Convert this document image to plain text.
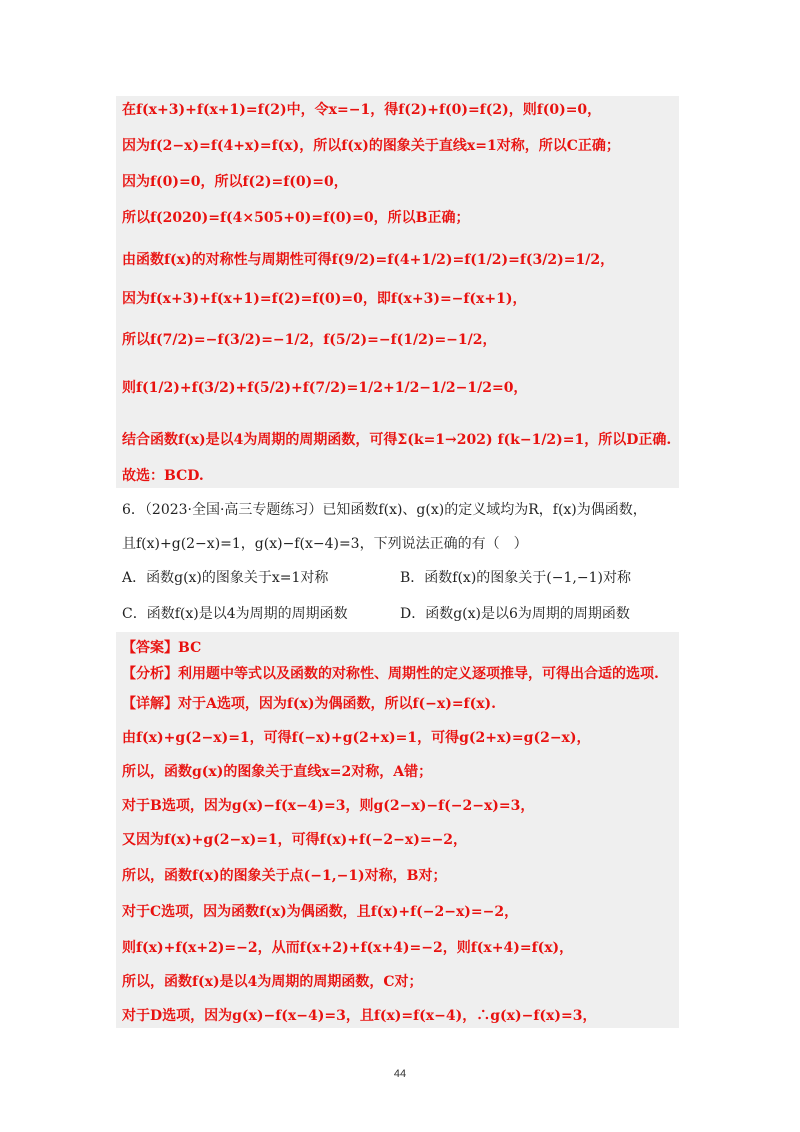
在f(x+3)+f(x+1)=f(2)中，令x=−1，得f(2)+f(0)=f(2)，则f(0)=0，
因为f(2−x)=f(4+x)=f(x)，所以f(x)的图象关于直线x=1对称，所以C正确；
因为f(0)=0，所以f(2)=f(0)=0，
所以f(2020)=f(4×505+0)=f(0)=0，所以B正确；
由函数f(x)的对称性与周期性可得f(9/2)=f(4+1/2)=f(1/2)=f(3/2)=1/2，
因为f(x+3)+f(x+1)=f(2)=f(0)=0，即f(x+3)=−f(x+1)，
所以f(7/2)=−f(3/2)=−1/2，f(5/2)=−f(1/2)=−1/2，
则f(1/2)+f(3/2)+f(5/2)+f(7/2)=1/2+1/2−1/2−1/2=0，
结合函数f(x)是以4为周期的周期函数，可得Σ(k=1→202) f(k−1/2)=1，所以D正确.
故选：BCD.
6．（2023·全国·高三专题练习）已知函数f(x)、g(x)的定义域均为R，f(x)为偶函数，
且f(x)+g(2−x)=1，g(x)−f(x−4)=3，下列说法正确的有（　）
A．函数g(x)的图象关于x=1对称	B．函数f(x)的图象关于(−1,−1)对称
C．函数f(x)是以4为周期的周期函数	D．函数g(x)是以6为周期的周期函数
【答案】BC
【分析】利用题中等式以及函数的对称性、周期性的定义逐项推导，可得出合适的选项.
【详解】对于A选项，因为f(x)为偶函数，所以f(−x)=f(x).
由f(x)+g(2−x)=1，可得f(−x)+g(2+x)=1，可得g(2+x)=g(2−x)，
所以，函数g(x)的图象关于直线x=2对称，A错；
对于B选项，因为g(x)−f(x−4)=3，则g(2−x)−f(−2−x)=3，
又因为f(x)+g(2−x)=1，可得f(x)+f(−2−x)=−2，
所以，函数f(x)的图象关于点(−1,−1)对称，B对；
对于C选项，因为函数f(x)为偶函数，且f(x)+f(−2−x)=−2，
则f(x)+f(x+2)=−2，从而f(x+2)+f(x+4)=−2，则f(x+4)=f(x)，
所以，函数f(x)是以4为周期的周期函数，C对；
对于D选项，因为g(x)−f(x−4)=3，且f(x)=f(x−4)，∴g(x)−f(x)=3，
44
